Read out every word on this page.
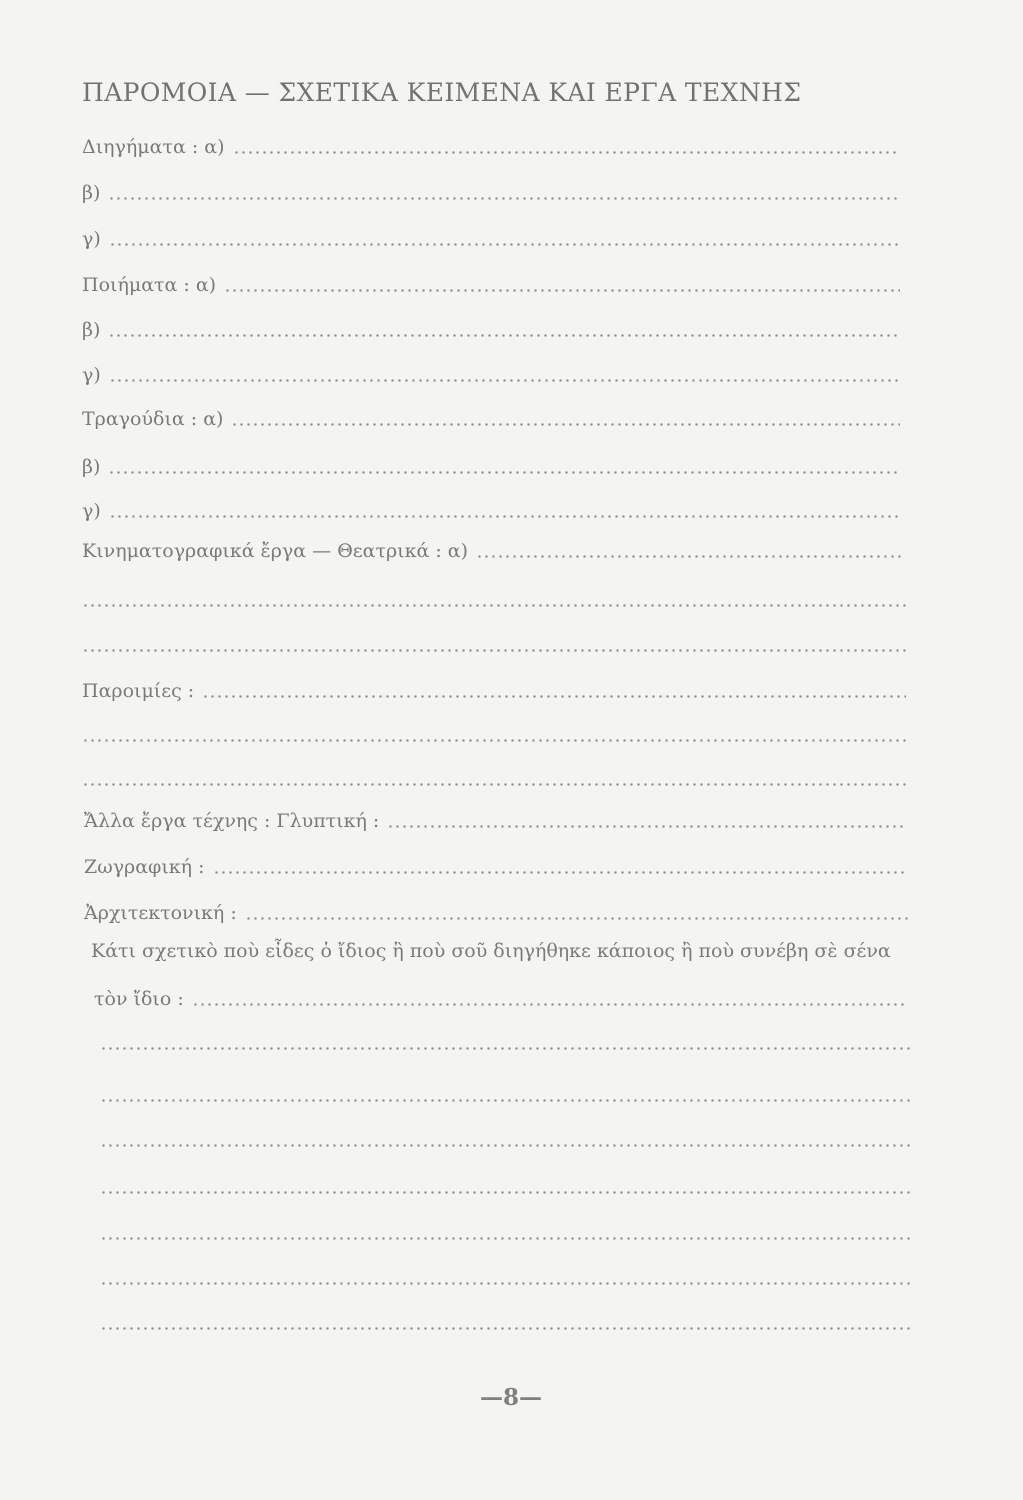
ΠΑΡΟΜΟΙΑ — ΣΧΕΤΙΚΑ ΚΕΙΜΕΝΑ ΚΑΙ ΕΡΓΑ ΤΕΧΝΗΣ
Διηγήματα : α)
β)
γ)
Ποιήματα : α)
β)
γ)
Τραγούδια : α)
β)
γ)
Κινηματογραφικά ἔργα — Θεατρικά : α)
Παροιμίες :
Ἄλλα ἔργα τέχνης : Γλυπτική :
Ζωγραφική :
Ἀρχιτεκτονική :
Κάτι σχετικὸ ποὺ εἶδες ὁ ἴδιος ἢ ποὺ σοῦ διηγήθηκε κάποιος ἢ ποὺ συνέβη σὲ σένα
τὸν ἴδιο :
—8—
